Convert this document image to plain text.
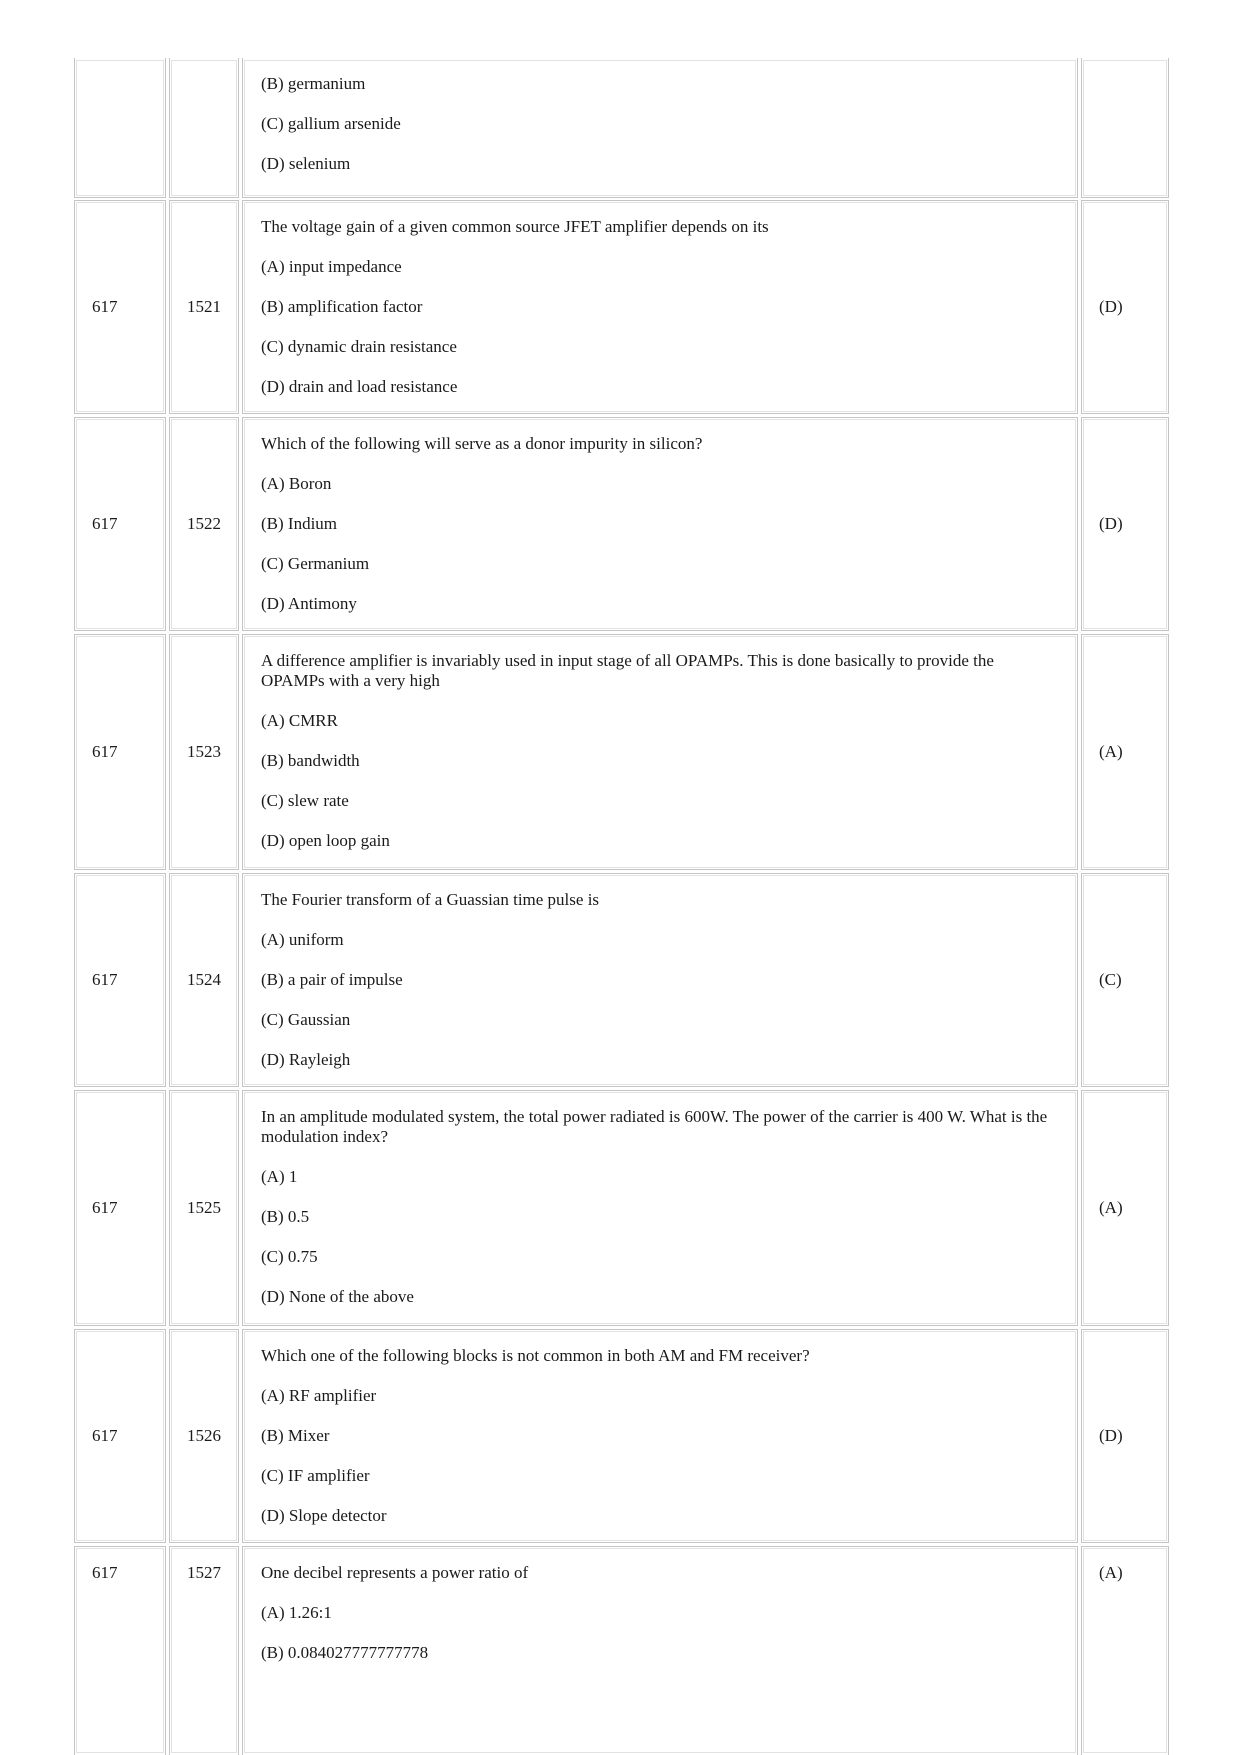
(B) germanium

(C) gallium arsenide

(D) selenium

617	1521

The voltage gain of a given common source JFET amplifier depends on its

(A) input impedance

(B) amplification factor

(C) dynamic drain resistance

(D) drain and load resistance

(D)
617	1522

Which of the following will serve as a donor impurity in silicon?

(A) Boron

(B) Indium

(C) Germanium

(D) Antimony

(D)
617	1523

A difference amplifier is invariably used in input stage of all OPAMPs. This is done basically to provide the OPAMPs with a very high

(A) CMRR

(B) bandwidth

(C) slew rate

(D) open loop gain

(A)
617	1524

The Fourier transform of a Guassian time pulse is

(A) uniform

(B) a pair of impulse

(C) Gaussian

(D) Rayleigh

(C)
617	1525

In an amplitude modulated system, the total power radiated is 600W. The power of the carrier is 400 W. What is the modulation index?

(A) 1

(B) 0.5

(C) 0.75

(D) None of the above

(A)
617	1526

Which one of the following blocks is not common in both AM and FM receiver?

(A) RF amplifier

(B) Mixer

(C) IF amplifier

(D) Slope detector

(D)
617	1527	One decibel represents a power ratio of

(A) 1.26:1

(B) 0.084027777777778

(A)
